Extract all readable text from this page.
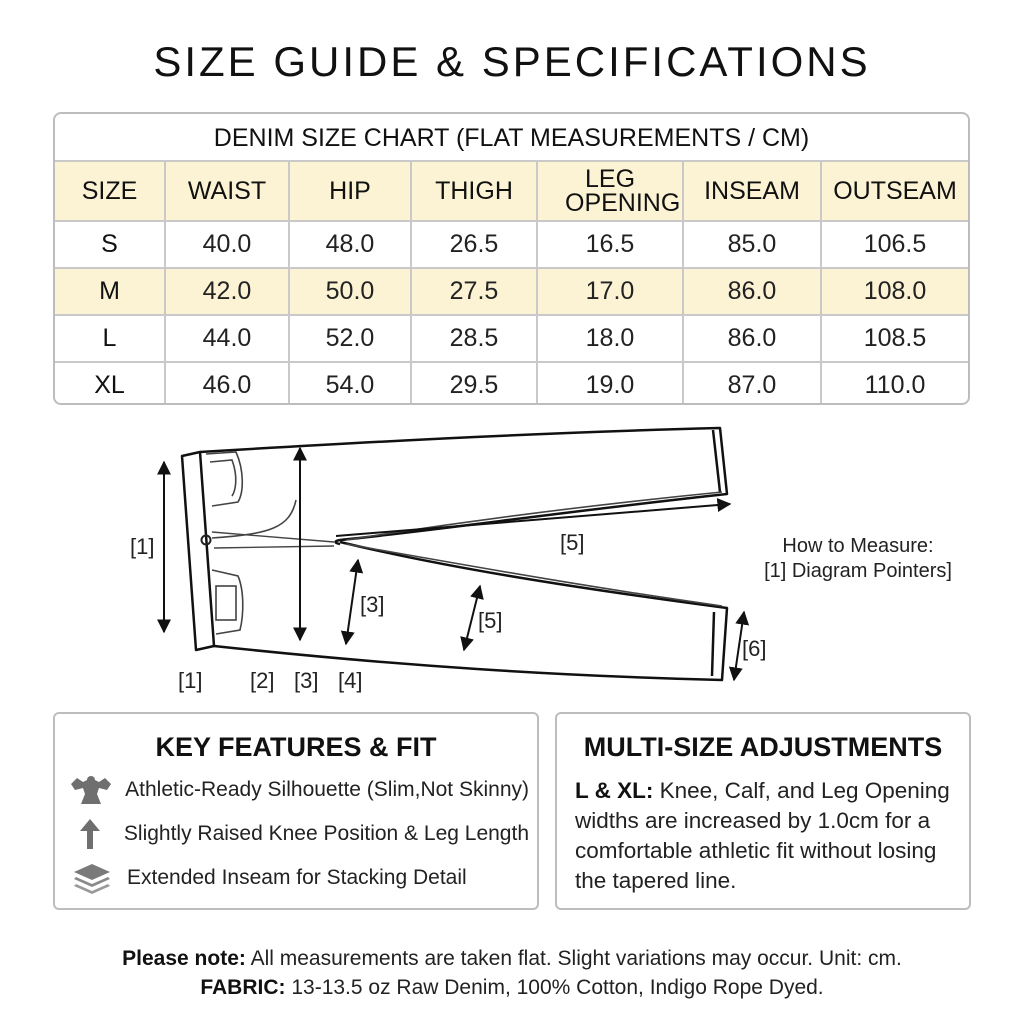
SIZE GUIDE & SPECIFICATIONS
DENIM SIZE CHART (FLAT MEASUREMENTS / CM)
SIZE	WAIST	HIP	THIGH	LEG OPENING	INSEAM	OUTSEAM
S	40.0	48.0	26.5	16.5	85.0	106.5
M	42.0	50.0	27.5	17.0	86.0	108.0
L	44.0	52.0	28.5	18.0	86.0	108.5
XL	46.0	54.0	29.5	19.0	87.0	110.0
[1]	[5]
[3]
[5]
[6]
[1] [2] [3] [4]
How to Measure:
[1] Diagram Pointers]
KEY FEATURES & FIT
Athletic-Ready Silhouette (Slim,Not Skinny)
Slightly Raised Knee Position & Leg Length
Extended Inseam for Stacking Detail
MULTI-SIZE ADJUSTMENTS
L & XL: Knee, Calf, and Leg Opening widths are increased by 1.0cm for a comfortable athletic fit without losing the tapered line.
Please note: All measurements are taken flat. Slight variations may occur. Unit: cm.
FABRIC: 13-13.5 oz Raw Denim, 100% Cotton, Indigo Rope Dyed.
